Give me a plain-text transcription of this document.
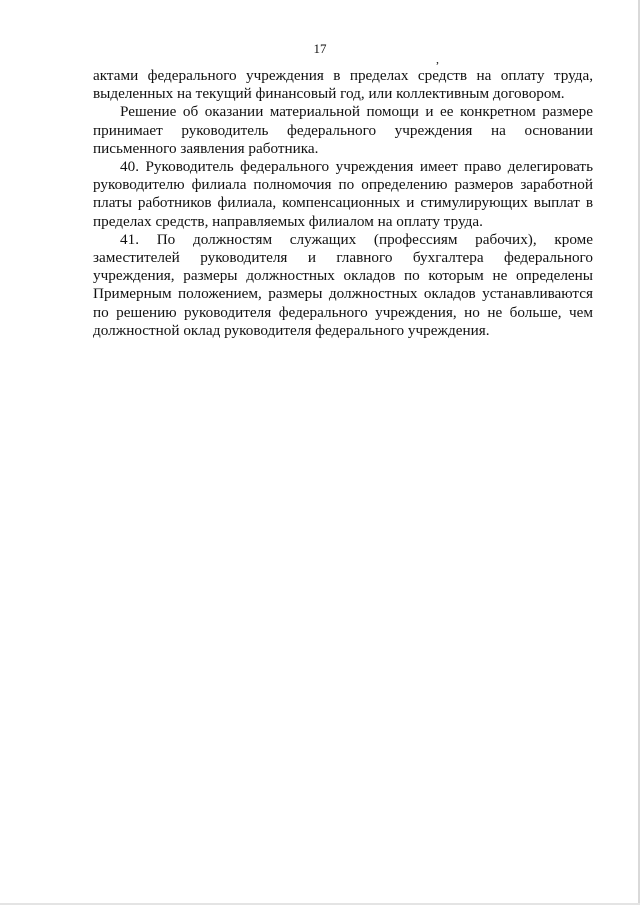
17
,

актами федерального учреждения в пределах средств на оплату труда, выделенных на текущий финансовый год, или коллективным договором.

Решение об оказании материальной помощи и ее конкретном размере принимает руководитель федерального учреждения на основании письменного заявления работника.

40. Руководитель федерального учреждения имеет право делегировать руководителю филиала полномочия по определению размеров заработной платы работников филиала, компенсационных и стимулирующих выплат в пределах средств, направляемых филиалом на оплату труда.

41. По должностям служащих (профессиям рабочих), кроме заместителей руководителя и главного бухгалтера федерального учреждения, размеры должностных окладов по которым не определены Примерным положением, размеры должностных окладов устанавливаются по решению руководителя федерального учреждения, но не больше, чем должностной оклад руководителя федерального учреждения.
